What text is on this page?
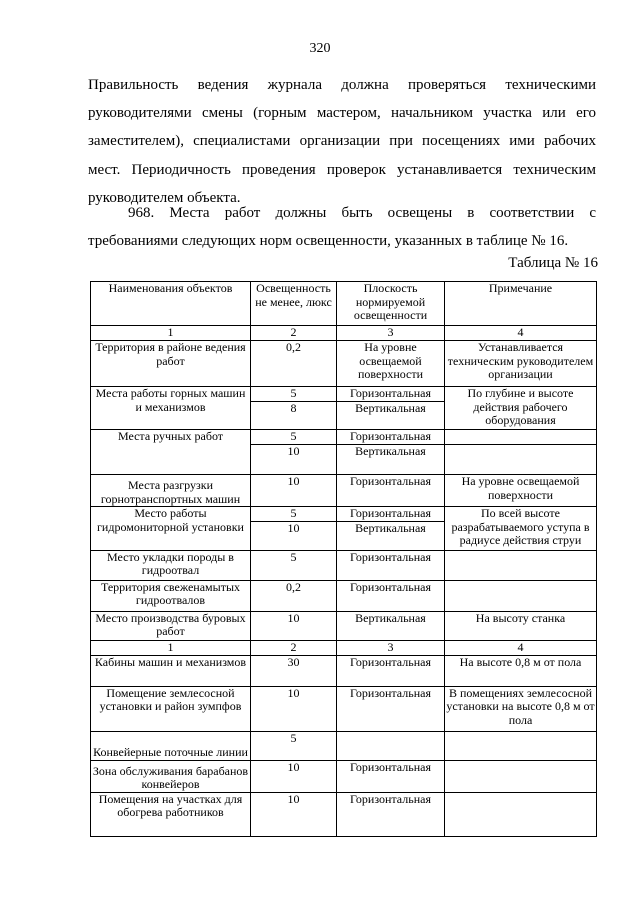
320
Правильность ведения журнала должна проверяться техническими
руководителями смены (горным мастером, начальником участка или его
заместителем), специалистами организации при посещениях ими рабочих
мест. Периодичность проведения проверок устанавливается техническим
руководителем объекта.
968. Места работ должны быть освещены в соответствии с
требованиями следующих норм освещенности, указанных в таблице № 16.
Таблица № 16
Наименования объектов	Освещенность не менее, люкс	Плоскость нормируемой освещенности	Примечание
1	2	3	4
Территория в районе ведения работ	0,2	На уровне освещаемой поверхности	Устанавливается техническим руководителем организации
Места работы горных машин и механизмов	5	Горизонтальная	По глубине и высоте действия рабочего оборудования
	8	Вертикальная	
Места ручных работ	5	Горизонтальная	
	10	Вертикальная	
Места разгрузки горнотранспортных машин	10	Горизонтальная	На уровне освещаемой поверхности
Место работы гидромониторной установки	5	Горизонтальная	По всей высоте разрабатываемого уступа в радиусе действия струи
	10	Вертикальная	
Место укладки породы в гидроотвал	5	Горизонтальная	
Территория свеженамытых гидроотвалов	0,2	Горизонтальная	
Место производства буровых работ	10	Вертикальная	На высоту станка
1	2	3	4
Кабины машин и механизмов	30	Горизонтальная	На высоте 0,8 м от пола
Помещение землесосной установки и район зумпфов	10	Горизонтальная	В помещениях землесосной установки на высоте 0,8 м от пола
Конвейерные поточные линии	5		
Зона обслуживания барабанов конвейеров	10	Горизонтальная	
Помещения на участках для обогрева работников	10	Горизонтальная	
